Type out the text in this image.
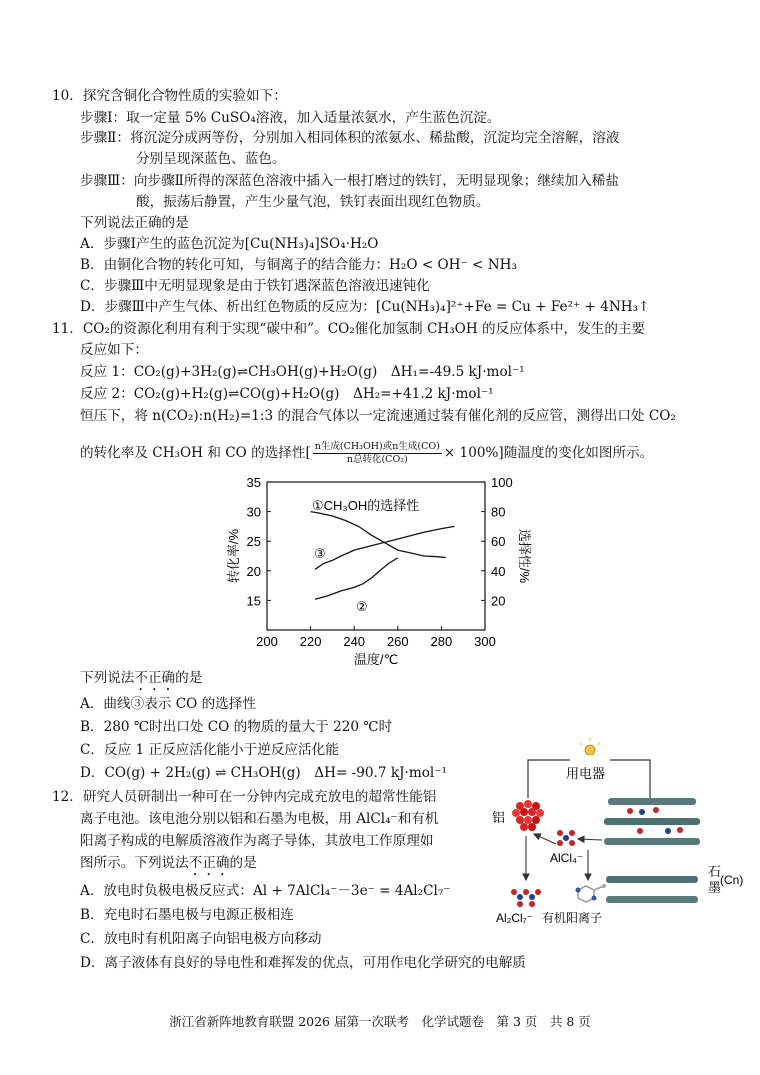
10．探究含铜化合物性质的实验如下：
步骤Ⅰ：取一定量 5% CuSO₄溶液，加入适量浓氨水，产生蓝色沉淀。
步骤Ⅱ：将沉淀分成两等份，分别加入相同体积的浓氨水、稀盐酸，沉淀均完全溶解，溶液
分别呈现深蓝色、蓝色。
步骤Ⅲ：向步骤Ⅱ所得的深蓝色溶液中插入一根打磨过的铁钉，无明显现象；继续加入稀盐
酸，振荡后静置，产生少量气泡，铁钉表面出现红色物质。
下列说法正确的是
A．步骤Ⅰ产生的蓝色沉淀为[Cu(NH₃)₄]SO₄·H₂O
B．由铜化合物的转化可知，与铜离子的结合能力：H₂O < OH⁻ < NH₃
C．步骤Ⅲ中无明显现象是由于铁钉遇深蓝色溶液迅速钝化
D．步骤Ⅲ中产生气体、析出红色物质的反应为：[Cu(NH₃)₄]²⁺+Fe = Cu + Fe²⁺ + 4NH₃↑
11．CO₂的资源化利用有利于实现“碳中和”。CO₂催化加氢制 CH₃OH 的反应体系中，发生的主要
反应如下：
反应 1：CO₂(g)+3H₂(g)⇌CH₃OH(g)+H₂O(g)　ΔH₁=-49.5 kJ·mol⁻¹
反应 2：CO₂(g)+H₂(g)⇌CO(g)+H₂O(g)　ΔH₂=+41.2 kJ·mol⁻¹
恒压下，将 n(CO₂):n(H₂)=1:3 的混合气体以一定流速通过装有催化剂的反应管，测得出口处 CO₂
的转化率及 CH₃OH 和 CO 的选择性[ n生成(CH₃OH)或n生成(CO)
n总转化(CO₂)	× 100%]随温度的变化如图所示。
200 220 240 260 280 300
15
20
25
30
35
20
40
60
80
100
转化率/%	选择性/%
温度/℃
①CH₃OH的选择性
③
②
下列说法不正确的是
A．曲线③表示 CO 的选择性
B．280 ℃时出口处 CO 的物质的量大于 220 ℃时
C．反应 1 正反应活化能小于逆反应活化能
D．CO(g) + 2H₂(g) ⇌ CH₃OH(g)　ΔH= -90.7 kJ·mol⁻¹
12．研究人员研制出一种可在一分钟内完成充放电的超常性能铝
离子电池。该电池分别以铝和石墨为电极，用 AlCl₄⁻和有机
阳离子构成的电解质溶液作为离子导体，其放电工作原理如
图所示。下列说法不正确的是
A．放电时负极电极反应式：Al + 7AlCl₄⁻－3e⁻ = 4Al₂Cl₇⁻
B．充电时石墨电极与电源正极相连
C．放电时有机阳离子向铝电极方向移动
D．离子液体有良好的导电性和难挥发的优点，可用作电化学研究的电解质
用电器
铝
石
墨
(Cn)
AlCl₄⁻
Al₂Cl₇⁻ 有机阳离子
浙江省新阵地教育联盟 2026 届第一次联考　化学试题卷　第 3 页　共 8 页
